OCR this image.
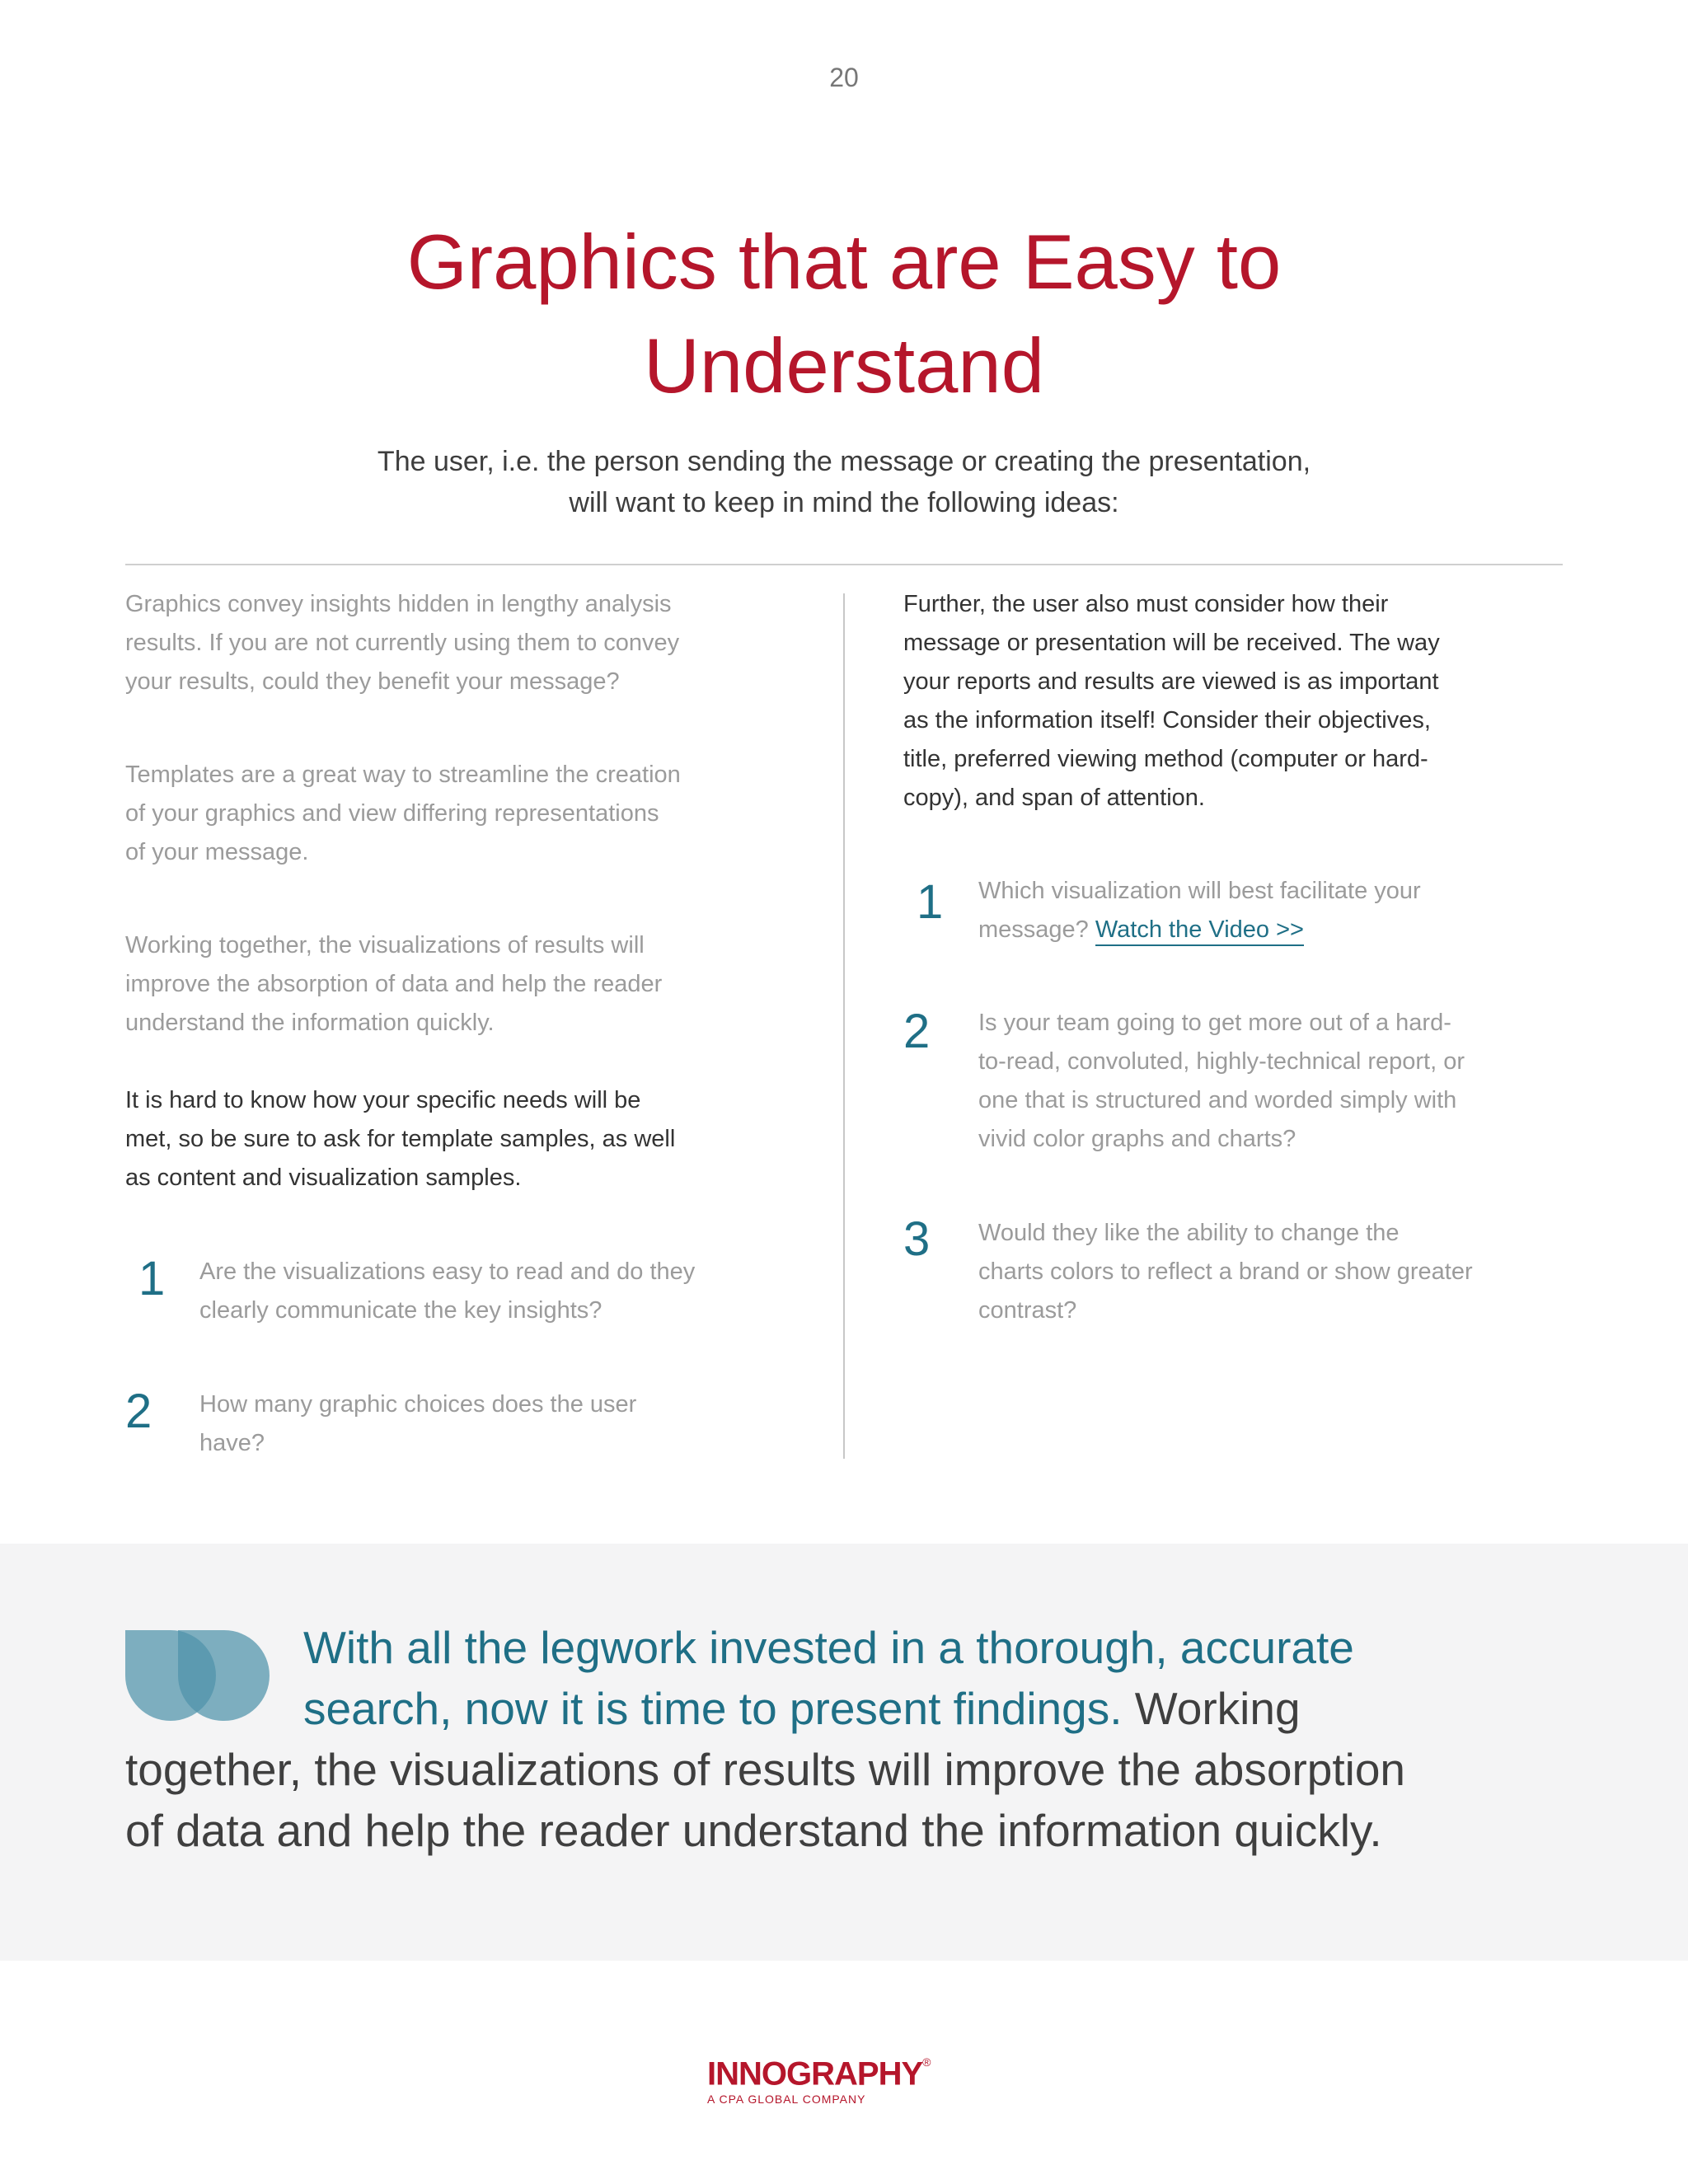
20
Graphics that are Easy to
Understand

The user, i.e. the person sending the message or creating the presentation,
will want to keep in mind the following ideas:

Graphics convey insights hidden in lengthy analysis
results. If you are not currently using them to convey
your results, could they benefit your message?

Templates are a great way to streamline the creation
of your graphics and view differing representations
of your message.

Working together, the visualizations of results will
improve the absorption of data and help the reader
understand the information quickly.

It is hard to know how your specific needs will be
met, so be sure to ask for template samples, as well
as content and visualization samples.

1 Are the visualizations easy to read and do they
clearly communicate the key insights?

2 How many graphic choices does the user
have?

Further, the user also must consider how their
message or presentation will be received. The way
your reports and results are viewed is as important
as the information itself! Consider their objectives,
title, preferred viewing method (computer or hard-
copy), and span of attention.

1 Which visualization will best facilitate your
message? Watch the Video >>

2 Is your team going to get more out of a hard-
to-read, convoluted, highly-technical report, or
one that is structured and worded simply with
vivid color graphs and charts?

3 Would they like the ability to change the
charts colors to reflect a brand or show greater
contrast?

With all the legwork invested in a thorough, accurate
search, now it is time to present findings. Working
together, the visualizations of results will improve the absorption
of data and help the reader understand the information quickly.

INNOGRAPHY®
A CPA GLOBAL COMPANY
